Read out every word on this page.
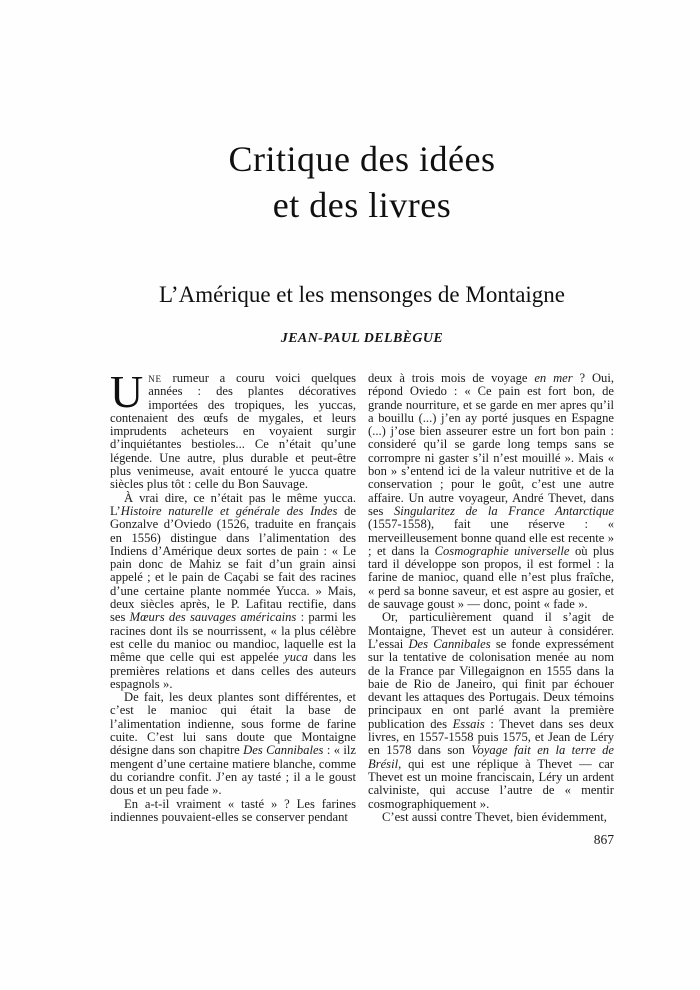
Critique des idées
et des livres
L’Amérique et les mensonges de Montaigne
JEAN-PAUL DELBÈGUE

Une rumeur a couru voici quelques années : des plantes décoratives importées des tropiques, les yuccas, contenaient des œufs de mygales, et leurs imprudents acheteurs en voyaient surgir d’inquiétantes bestioles... Ce n’était qu’une légende. Une autre, plus durable et peut-être plus venimeuse, avait entouré le yucca quatre siècles plus tôt : celle du Bon Sauvage.

À vrai dire, ce n’était pas le même yucca. L’Histoire naturelle et générale des Indes de Gonzalve d’Oviedo (1526, traduite en français en 1556) distingue dans l’alimentation des Indiens d’Amérique deux sortes de pain : « Le pain donc de Mahiz se fait d’un grain ainsi appelé ; et le pain de Caçabi se fait des racines d’une certaine plante nommée Yucca. » Mais, deux siècles après, le P. Lafitau rectifie, dans ses Mœurs des sauvages américains : parmi les racines dont ils se nourrissent, « la plus célèbre est celle du manioc ou mandioc, laquelle est la même que celle qui est appelée yuca dans les premières relations et dans celles des auteurs espagnols ».

De fait, les deux plantes sont différentes, et c’est le manioc qui était la base de l’alimentation indienne, sous forme de farine cuite. C’est lui sans doute que Montaigne désigne dans son chapitre Des Cannibales : « ilz mengent d’une certaine matiere blanche, comme du coriandre confit. J’en ay tasté ; il a le goust dous et un peu fade ».

En a-t-il vraiment « tasté » ? Les farines indiennes pouvaient-elles se conserver pendant

deux à trois mois de voyage en mer ? Oui, répond Oviedo : « Ce pain est fort bon, de grande nourriture, et se garde en mer apres qu’il a bouillu (...) j’en ay porté jusques en Espagne (...) j’ose bien asseurer estre un fort bon pain : consideré qu’il se garde long temps sans se corrompre ni gaster s’il n’est mouillé ». Mais « bon » s’entend ici de la valeur nutritive et de la conservation ; pour le goût, c’est une autre affaire. Un autre voyageur, André Thevet, dans ses Singularitez de la France Antarctique (1557-1558), fait une réserve : « merveilleusement bonne quand elle est recente » ; et dans la Cosmographie universelle où plus tard il développe son propos, il est formel : la farine de manioc, quand elle n’est plus fraîche, « perd sa bonne saveur, et est aspre au gosier, et de sauvage goust » — donc, point « fade ».

Or, particulièrement quand il s’agit de Montaigne, Thevet est un auteur à considérer. L’essai Des Cannibales se fonde expressément sur la tentative de colonisation menée au nom de la France par Villegaignon en 1555 dans la baie de Rio de Janeiro, qui finit par échouer devant les attaques des Portugais. Deux témoins principaux en ont parlé avant la première publication des Essais : Thevet dans ses deux livres, en 1557-1558 puis 1575, et Jean de Léry en 1578 dans son Voyage fait en la terre de Brésil, qui est une réplique à Thevet — car Thevet est un moine franciscain, Léry un ardent calviniste, qui accuse l’autre de « mentir cosmographiquement ».

C’est aussi contre Thevet, bien évidemment,

867
